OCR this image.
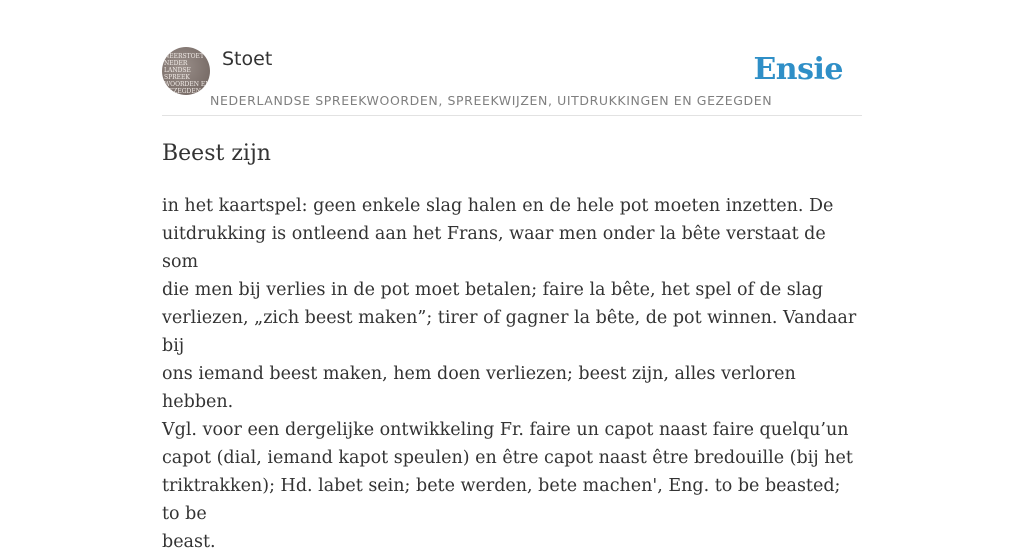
NEERSTOET
NEDER
LANDSE
SPREEK
WOORDEN EN
GEZEGDEN
Stoet	Ensie
NEDERLANDSE SPREEKWOORDEN, SPREEKWIJZEN, UITDRUKKINGEN EN GEZEGDEN
Beest zijn

in het kaartspel: geen enkele slag halen en de hele pot moeten inzetten. De
uitdrukking is ontleend aan het Frans, waar men onder la bête verstaat de som
die men bij verlies in de pot moet betalen; faire la bête, het spel of de slag
verliezen, „zich beest maken”; tirer of gagner la bête, de pot winnen. Vandaar bij
ons iemand beest maken, hem doen verliezen; beest zijn, alles verloren hebben.
Vgl. voor een dergelijke ontwikkeling Fr. faire un capot naast faire quelqu’un
capot (dial, iemand kapot speulen) en être capot naast être bredouille (bij het
triktrakken); Hd. labet sein; bete werden, bete machen', Eng. to be beasted; to be
beast.
